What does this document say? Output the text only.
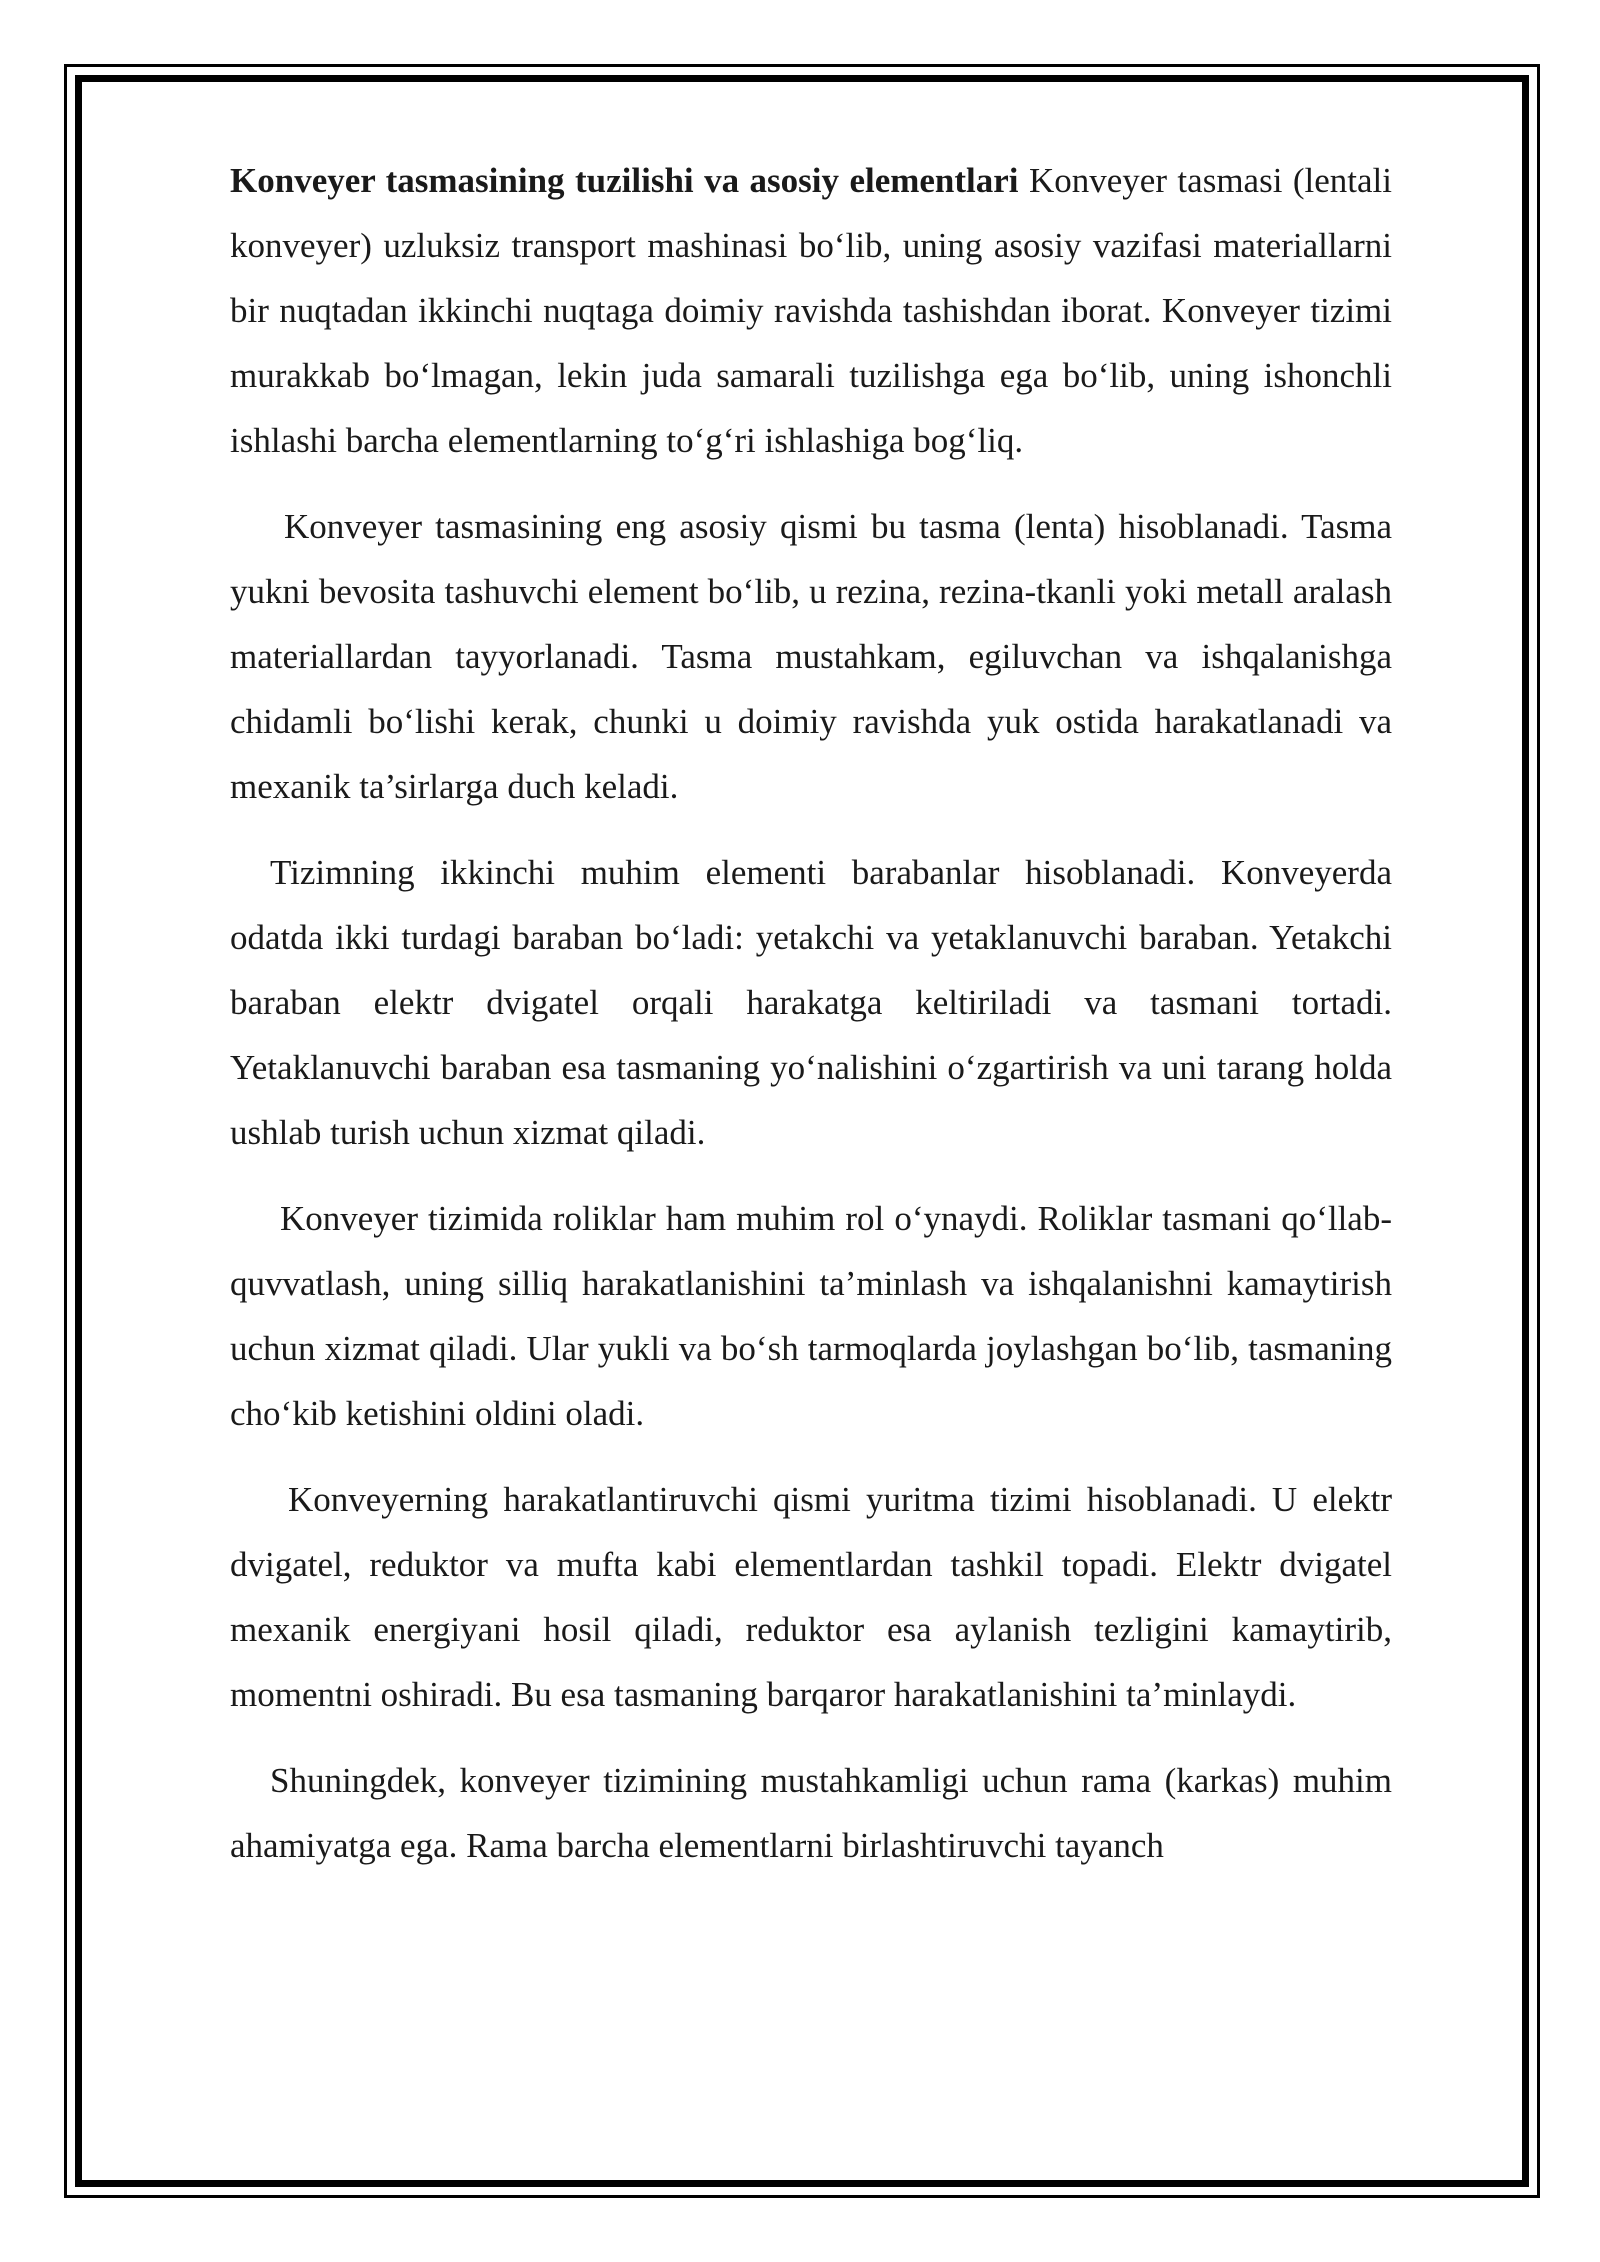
Konveyer tasmasining tuzilishi va asosiy elementlari Konveyer tasmasi (lentali konveyer) uzluksiz transport mashinasi bo‘lib, uning asosiy vazifasi materiallarni bir nuqtadan ikkinchi nuqtaga doimiy ravishda tashishdan iborat. Konveyer tizimi murakkab bo‘lmagan, lekin juda samarali tuzilishga ega bo‘lib, uning ishonchli ishlashi barcha elementlarning to‘g‘ri ishlashiga bog‘liq.

Konveyer tasmasining eng asosiy qismi bu tasma (lenta) hisoblanadi. Tasma yukni bevosita tashuvchi element bo‘lib, u rezina, rezina-tkanli yoki metall aralash materiallardan tayyorlanadi. Tasma mustahkam, egiluvchan va ishqalanishga chidamli bo‘lishi kerak, chunki u doimiy ravishda yuk ostida harakatlanadi va mexanik ta’sirlarga duch keladi.

Tizimning ikkinchi muhim elementi barabanlar hisoblanadi. Konveyerda odatda ikki turdagi baraban bo‘ladi: yetakchi va yetaklanuvchi baraban. Yetakchi baraban elektr dvigatel orqali harakatga keltiriladi va tasmani tortadi. Yetaklanuvchi baraban esa tasmaning yo‘nalishini o‘zgartirish va uni tarang holda ushlab turish uchun xizmat qiladi.

Konveyer tizimida roliklar ham muhim rol o‘ynaydi. Roliklar tasmani qo‘llab-quvvatlash, uning silliq harakatlanishini ta’minlash va ishqalanishni kamaytirish uchun xizmat qiladi. Ular yukli va bo‘sh tarmoqlarda joylashgan bo‘lib, tasmaning cho‘kib ketishini oldini oladi.

Konveyerning harakatlantiruvchi qismi yuritma tizimi hisoblanadi. U elektr dvigatel, reduktor va mufta kabi elementlardan tashkil topadi. Elektr dvigatel mexanik energiyani hosil qiladi, reduktor esa aylanish tezligini kamaytirib, momentni oshiradi. Bu esa tasmaning barqaror harakatlanishini ta’minlaydi.

Shuningdek, konveyer tizimining mustahkamligi uchun rama (karkas) muhim ahamiyatga ega. Rama barcha elementlarni birlashtiruvchi tayanch
